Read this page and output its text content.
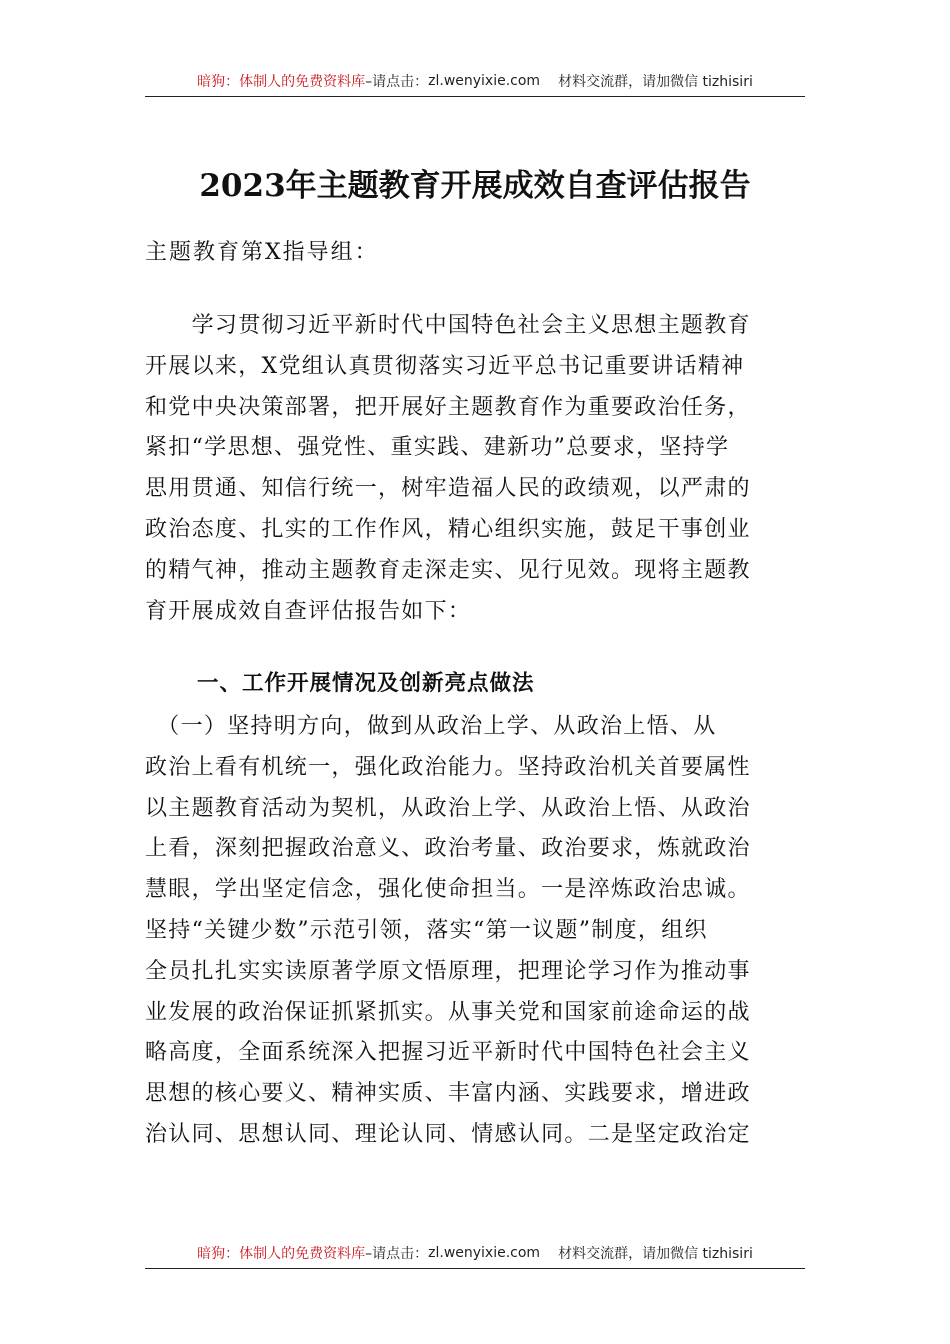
暗狗：体制人的免费资料库 –请点击： zl.wenyixie.com 材料交流群，请加微信 tizhisiri
2023年主题教育开展成效自查评估报告
主题教育第X指导组：
　　学习贯彻习近平新时代中国特色社会主义思想主题教育
开展以来，X党组认真贯彻落实习近平总书记重要讲话精神
和党中央决策部署，把开展好主题教育作为重要政治任务，
紧扣“学思想、强党性、重实践、建新功”总要求，坚持学
思用贯通、知信行统一，树牢造福人民的政绩观，以严肃的
政治态度、扎实的工作作风，精心组织实施，鼓足干事创业
的精气神，推动主题教育走深走实、见行见效。现将主题教
育开展成效自查评估报告如下：
一、工作开展情况及创新亮点做法
　（一）坚持明方向，做到从政治上学、从政治上悟、从
政治上看有机统一，强化政治能力。坚持政治机关首要属性
以主题教育活动为契机，从政治上学、从政治上悟、从政治
上看，深刻把握政治意义、政治考量、政治要求，炼就政治
慧眼，学出坚定信念，强化使命担当。一是淬炼政治忠诚。
坚持“关键少数”示范引领，落实“第一议题”制度，组织
全员扎扎实实读原著学原文悟原理，把理论学习作为推动事
业发展的政治保证抓紧抓实。从事关党和国家前途命运的战
略高度，全面系统深入把握习近平新时代中国特色社会主义
思想的核心要义、精神实质、丰富内涵、实践要求，增进政
治认同、思想认同、理论认同、情感认同。二是坚定政治定
暗狗：体制人的免费资料库 –请点击： zl.wenyixie.com 材料交流群，请加微信 tizhisiri
